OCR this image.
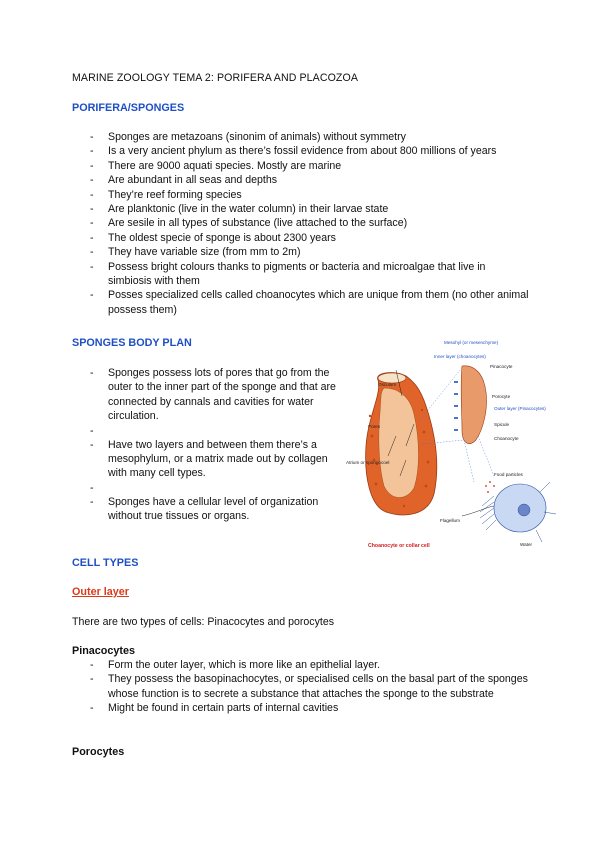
MARINE ZOOLOGY TEMA 2: PORIFERA AND PLACOZOA
PORIFERA/SPONGES
- Sponges are metazoans (sinonim of animals) without symmetry
- Is a very ancient phylum as there’s fossil evidence from about 800 millions of years
- There are 9000 aquati species. Mostly are marine
- Are abundant in all seas and depths
- They’re reef forming species
- Are planktonic (live in the water column) in their larvae state
- Are sesile in all types of substance (live attached to the surface)
- The oldest specie of sponge is about 2300 years
- They have variable size (from mm to 2m)
- Possess bright colours thanks to pigments or bacteria and microalgae that live in simbiosis with them
- Posses specialized cells called choanocytes which are unique from them (no other animal possess them)
SPONGES BODY PLAN
- Sponges possess lots of pores that go from the outer to the inner part of the sponge and that are connected by cannals and cavities for water circulation.
-
- Have two layers and between them there’s a mesophylum, or a matrix made out by collagen with many cell types.
-
- Sponges have a cellular level of organization without true tissues or organs.
Mesohyl (or mesenchyme)
Inner layer (choanocytes)
Pinacocyte
Osculum
Porocyte
Pores
Outer layer (Pinacocytes)
Spicule
Atrium or spongocoel
Choanocyte
Food particles
Flagellum
Water
Choanocyte or collar cell
CELL TYPES
Outer layer
There are two types of cells: Pinacocytes and porocytes
Pinacocytes
- Form the outer layer, which is more like an epithelial layer.
- They possess the basopinachocytes, or specialised cells on the basal part of the sponges whose function is to secrete a substance that attaches the sponge to the substrate
- Might be found in certain parts of internal cavities
Porocytes
